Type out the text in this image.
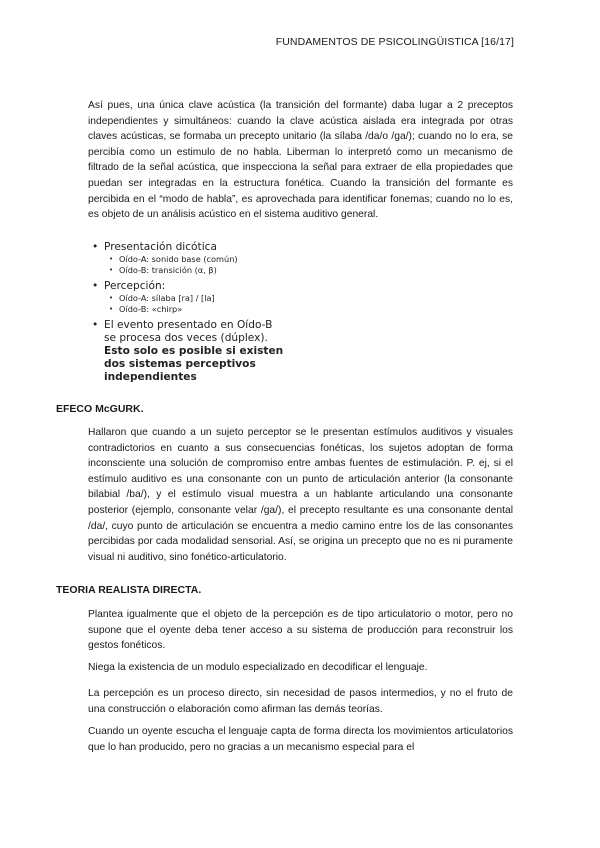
FUNDAMENTOS DE PSICOLINGÜISTICA [16/17]

Así pues, una única clave acústica (la transición del formante) daba lugar a 2 preceptos independientes y simultáneos: cuando la clave acústica aislada era integrada por otras claves acústicas, se formaba un precepto unitario (la sílaba /da/o /ga/); cuando no lo era, se percibía como un estimulo de no habla. Liberman lo interpretó como un mecanismo de filtrado de la señal acústica, que inspecciona la señal para extraer de ella propiedades que puedan ser integradas en la estructura fonética. Cuando la transición del formante es percibida en el “modo de habla”, es aprovechada para identificar fonemas; cuando no lo es, es objeto de un análisis acústico en el sistema auditivo general.

• Presentación dicótica

• Oído-A: sonido base (común)

• Oído-B: transición (α, β)

• Percepción:

• Oído-A: sílaba [ra] / [la]

• Oído-B: «chirp»

• El evento presentado en Oído-B
se procesa dos veces (dúplex).
Esto solo es posible si existen
dos sistemas perceptivos
independientes

EFECO McGURK.

Hallaron que cuando a un sujeto perceptor se le presentan estímulos auditivos y visuales contradictorios en cuanto a sus consecuencias fonéticas, los sujetos adoptan de forma inconsciente una solución de compromiso entre ambas fuentes de estimulación. P. ej, si el estímulo auditivo es una consonante con un punto de articulación anterior (la consonante bilabial /ba/), y el estímulo visual muestra a un hablante articulando una consonante posterior (ejemplo, consonante velar /ga/), el precepto resultante es una consonante dental /da/, cuyo punto de articulación se encuentra a medio camino entre los de las consonantes percibidas por cada modalidad sensorial. Así, se origina un precepto que no es ni puramente visual ni auditivo, sino fonético-articulatorio.

TEORIA REALISTA DIRECTA.

Plantea igualmente que el objeto de la percepción es de tipo articulatorio o motor, pero no supone que el oyente deba tener acceso a su sistema de producción para reconstruir los gestos fonéticos.

Niega la existencia de un modulo especializado en decodificar el lenguaje.

La percepción es un proceso directo, sin necesidad de pasos intermedios, y no el fruto de una construcción o elaboración como afirman las demás teorías.

Cuando un oyente escucha el lenguaje capta de forma directa los movimientos articulatorios que lo han producido, pero no gracias a un mecanismo especial para el
